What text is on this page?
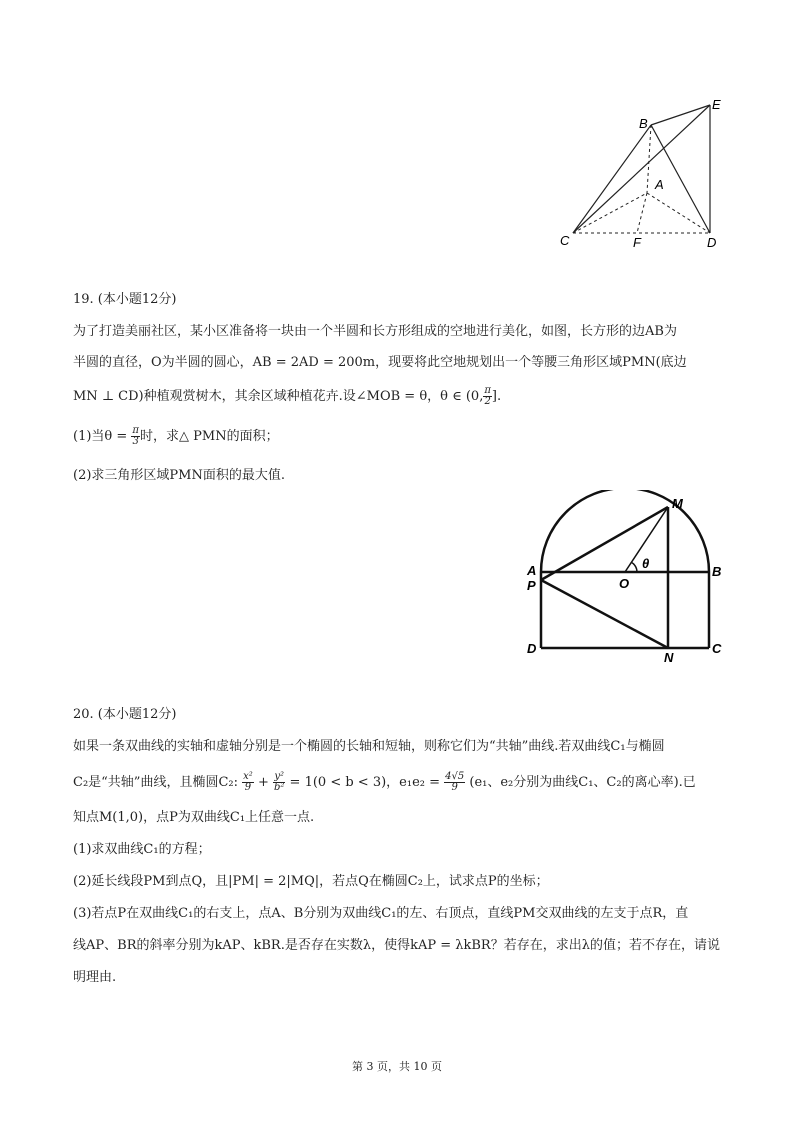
B
E
A
C	F	D
19. (本小题12分)
为了打造美丽社区，某小区准备将一块由一个半圆和长方形组成的空地进行美化，如图，长方形的边AB为
半圆的直径，O为半圆的圆心，AB = 2AD = 200m，现要将此空地规划出一个等腰三角形区域PMN(底边
MN ⊥ CD)种植观赏树木，其余区域种植花卉.设∠MOB = θ，θ ∈ (0, $\frac{\pi}{2}$ ].
(1)当$\theta = \frac{\pi}{3}$ 时，求△ PMN的面积；
(2)求三角形区域PMN面积的最大值.
M
A	B
P	O
θ
D
N
C
20. (本小题12分)
如果一条双曲线的实轴和虚轴分别是一个椭圆的长轴和短轴，则称它们为“共轴”曲线.若双曲线C₁与椭圆
C₂是“共轴”曲线，且椭圆C₂: $\frac{\text{x²}}{9} + \frac{\text{y²}}{\text{b²}} = 1(0 < b < 3)$，$e_1e_2 = \frac{4√5}{9} (e_1$、e₂分别为曲线C₁、C₂的离心率).已
知点M(1,0)，点P为双曲线C₁上任意一点.
(1)求双曲线C₁的方程；
(2)延长线段PM到点Q，且|PM| = 2|MQ|，若点Q在椭圆C₂上，试求点P的坐标；
(3)若点P在双曲线C₁的右支上，点A、B分别为双曲线C₁的左、右顶点，直线PM交双曲线的左支于点R，直
线AP、BR的斜率分别为kAP、kBR.是否存在实数λ，使得kAP = λkBR？若存在，求出λ的值；若不存在，请说
明理由.
第 3 页，共 10 页
